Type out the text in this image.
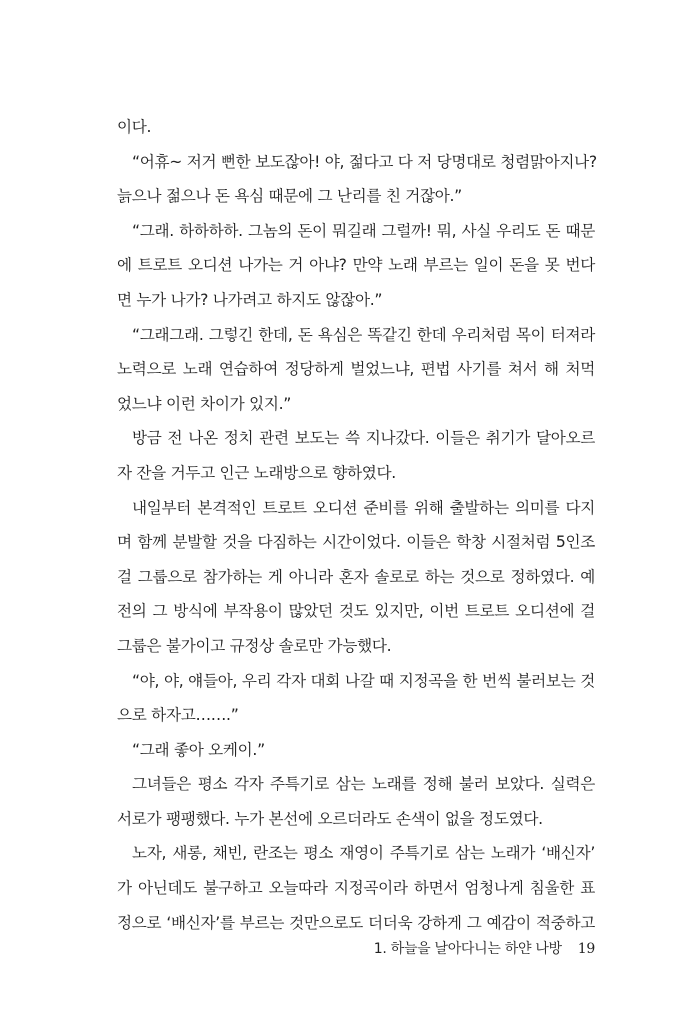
이다.
“어휴~ 저거 뻔한 보도잖아! 야, 젊다고 다 저 당명대로 청렴맑아지나?
늙으나 젊으나 돈 욕심 때문에 그 난리를 친 거잖아.”
“그래. 하하하하. 그놈의 돈이 뭐길래 그럴까! 뭐, 사실 우리도 돈 때문
에 트로트 오디션 나가는 거 아냐? 만약 노래 부르는 일이 돈을 못 번다
면 누가 나가? 나가려고 하지도 않잖아.”
“그래그래. 그렇긴 한데, 돈 욕심은 똑같긴 한데 우리처럼 목이 터져라
노력으로 노래 연습하여 정당하게 벌었느냐, 편법 사기를 쳐서 해 처먹
었느냐 이런 차이가 있지.”
방금 전 나온 정치 관련 보도는 쓱 지나갔다. 이들은 취기가 달아오르
자 잔을 거두고 인근 노래방으로 향하였다.
내일부터 본격적인 트로트 오디션 준비를 위해 출발하는 의미를 다지
며 함께 분발할 것을 다짐하는 시간이었다. 이들은 학창 시절처럼 5인조
걸 그룹으로 참가하는 게 아니라 혼자 솔로로 하는 것으로 정하였다. 예
전의 그 방식에 부작용이 많았던 것도 있지만, 이번 트로트 오디션에 걸
그룹은 불가이고 규정상 솔로만 가능했다.
“야, 야, 얘들아, 우리 각자 대회 나갈 때 지정곡을 한 번씩 불러보는 것
으로 하자고…….”
“그래 좋아 오케이.”
그녀들은 평소 각자 주특기로 삼는 노래를 정해 불러 보았다. 실력은
서로가 팽팽했다. 누가 본선에 오르더라도 손색이 없을 정도였다.
노자, 새롱, 채빈, 란조는 평소 재영이 주특기로 삼는 노래가 ‘배신자’
가 아닌데도 불구하고 오늘따라 지정곡이라 하면서 엄청나게 침울한 표
정으로 ‘배신자’를 부르는 것만으로도 더더욱 강하게 그 예감이 적중하고
1. 하늘을 날아다니는 하얀 나방 19
